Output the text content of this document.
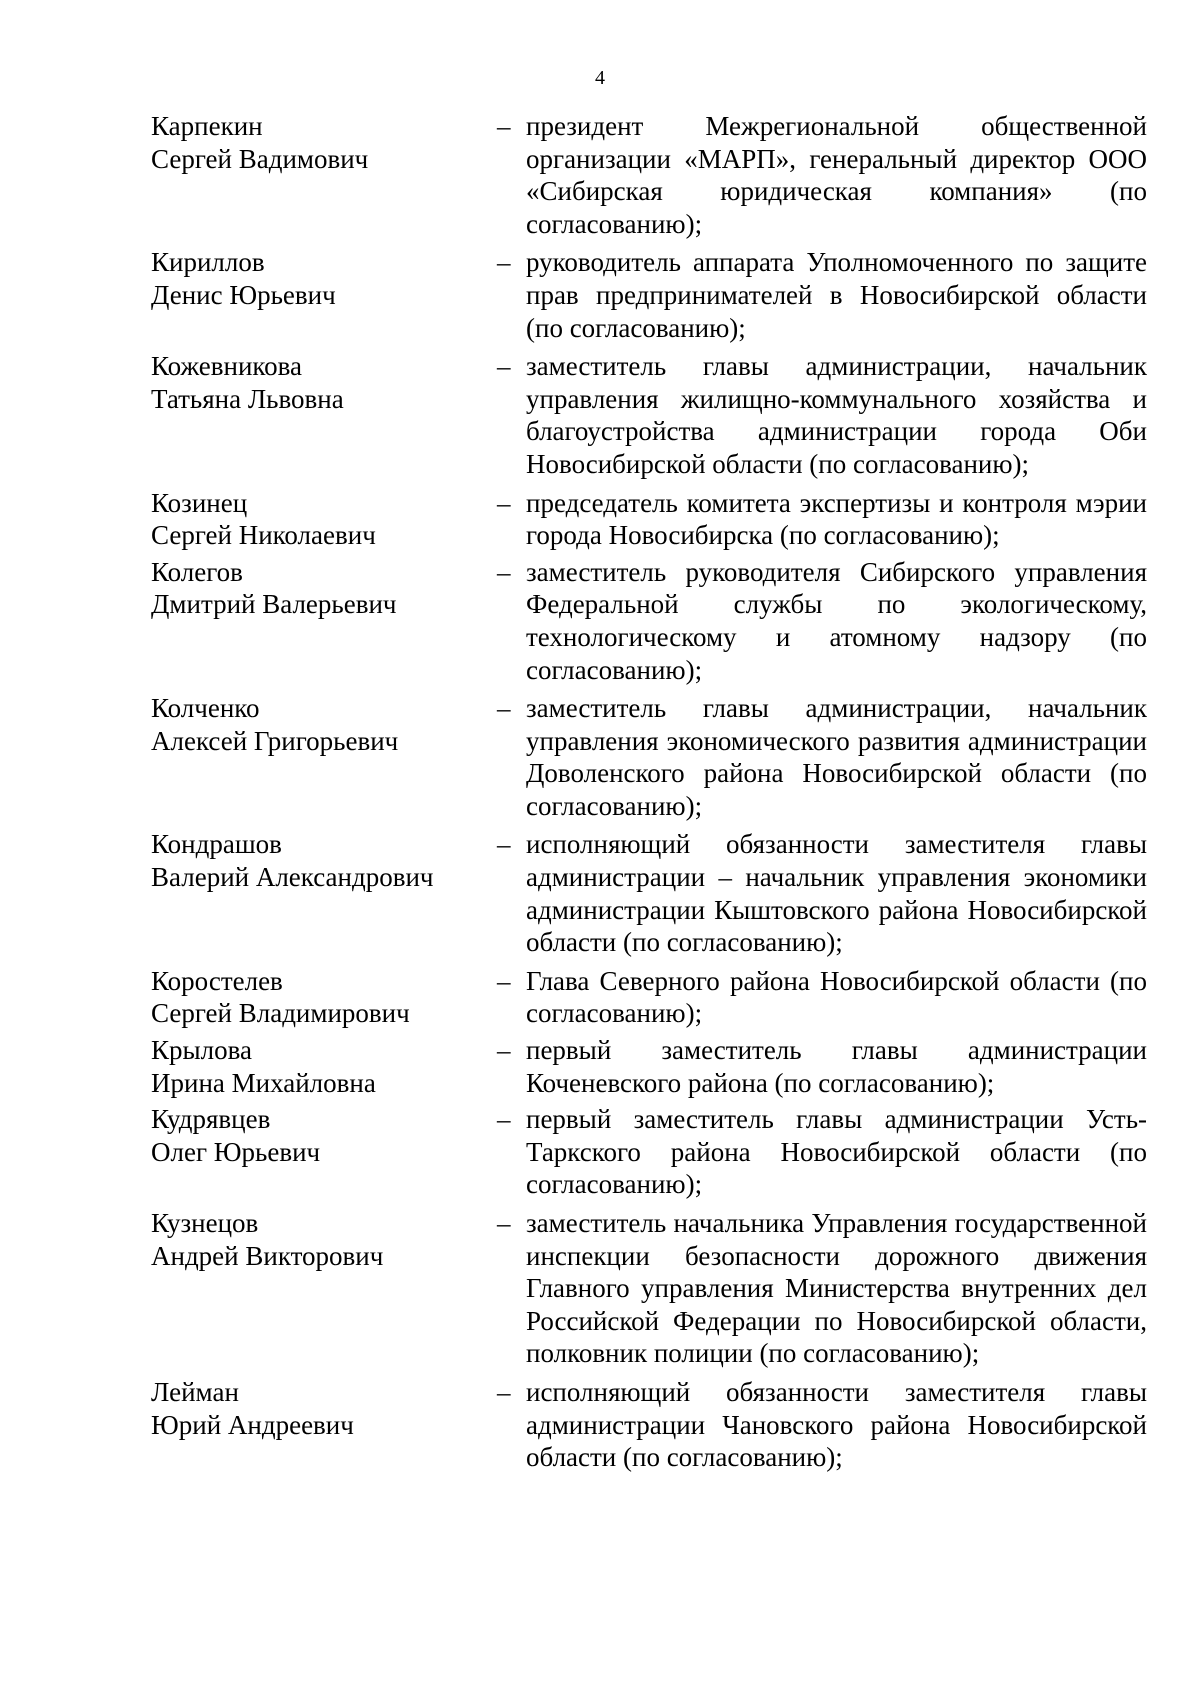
4
Карпекин
Сергей Вадимович
– президент Межрегиональной общественной организации «МАРП», генеральный директор ООО «Сибирская юридическая компания» (по согласованию);
Кириллов
Денис Юрьевич
– руководитель аппарата Уполномоченного по защите прав предпринимателей в Новосибирской области (по согласованию);
Кожевникова
Татьяна Львовна
– заместитель главы администрации, начальник управления жилищно-коммунального хозяйства и благоустройства администрации города Оби Новосибирской области (по согласованию);
Козинец
Сергей Николаевич
– председатель комитета экспертизы и контроля мэрии города Новосибирска (по согласованию);
Колегов
Дмитрий Валерьевич
– заместитель руководителя Сибирского управления Федеральной службы по экологическому, технологическому и атомному надзору (по согласованию);
Колченко
Алексей Григорьевич
– заместитель главы администрации, начальник управления экономического развития администрации Доволенского района Новосибирской области (по согласованию);
Кондрашов
Валерий Александрович
– исполняющий обязанности заместителя главы администрации – начальник управления экономики администрации Кыштовского района Новосибирской области (по согласованию);
Коростелев
Сергей Владимирович
– Глава Северного района Новосибирской области (по согласованию);
Крылова
Ирина Михайловна
– первый заместитель главы администрации Коченевского района (по согласованию);
Кудрявцев
Олег Юрьевич
– первый заместитель главы администрации Усть-Таркского района Новосибирской области (по согласованию);
Кузнецов
Андрей Викторович
– заместитель начальника Управления государственной инспекции безопасности дорожного движения Главного управления Министерства внутренних дел Российской Федерации по Новосибирской области, полковник полиции (по согласованию);
Лейман
Юрий Андреевич
– исполняющий обязанности заместителя главы администрации Чановского района Новосибирской области (по согласованию);
